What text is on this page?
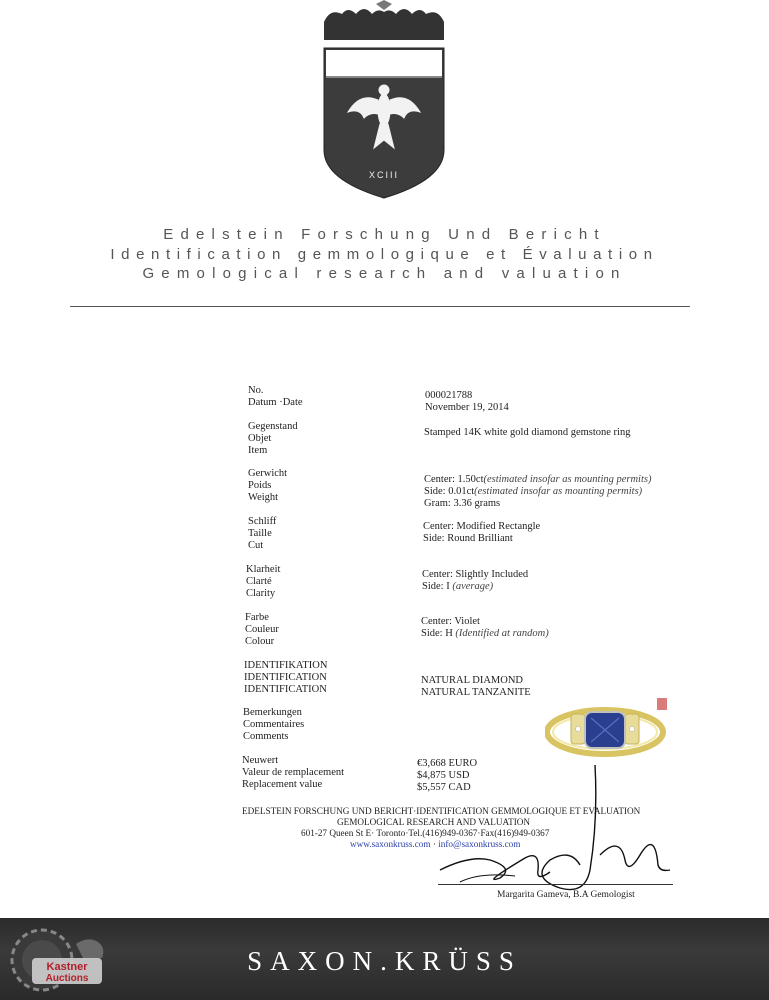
XCIII
Edelstein Forschung Und Bericht
Identification gemmologique et Évaluation
Gemological research and valuation
No.
Datum ·Date
Gegenstand
Objet
Item
Gerwicht
Poids
Weight
Schliff
Taille
Cut
Klarheit
Clarté
Clarity
Farbe
Couleur
Colour
IDENTIFIKATION
IDENTIFICATION
IDENTIFICATION
Bemerkungen
Commentaires
Comments
Neuwert
Valeur de remplacement
Replacement value
000021788
November 19, 2014
Stamped 14K white gold diamond gemstone ring
Center: 1.50ct(estimated insofar as mounting permits)
Side: 0.01ct(estimated insofar as mounting permits)
Gram: 3.36 grams
Center: Modified Rectangle
Side: Round Brilliant
Center: Slightly Included
Side: I (average)
Center: Violet
Side: H (Identified at random)
NATURAL DIAMOND
NATURAL TANZANITE
€3,668 EURO
$4,875 USD
$5,557 CAD
EDELSTEIN FORSCHUNG UND BERICHT·IDENTIFICATION GEMMOLOGIQUE ET EVALUATION
GEMOLOGICAL RESEARCH AND VALUATION
601-27 Queen St E· Toronto·Tel.(416)949-0367·Fax(416)949-0367
www.saxonkruss.com · info@saxonkruss.com
Margarita Gameva, B.A Gemologist
SAXON.KRÜSS
Kastner
Auctions
